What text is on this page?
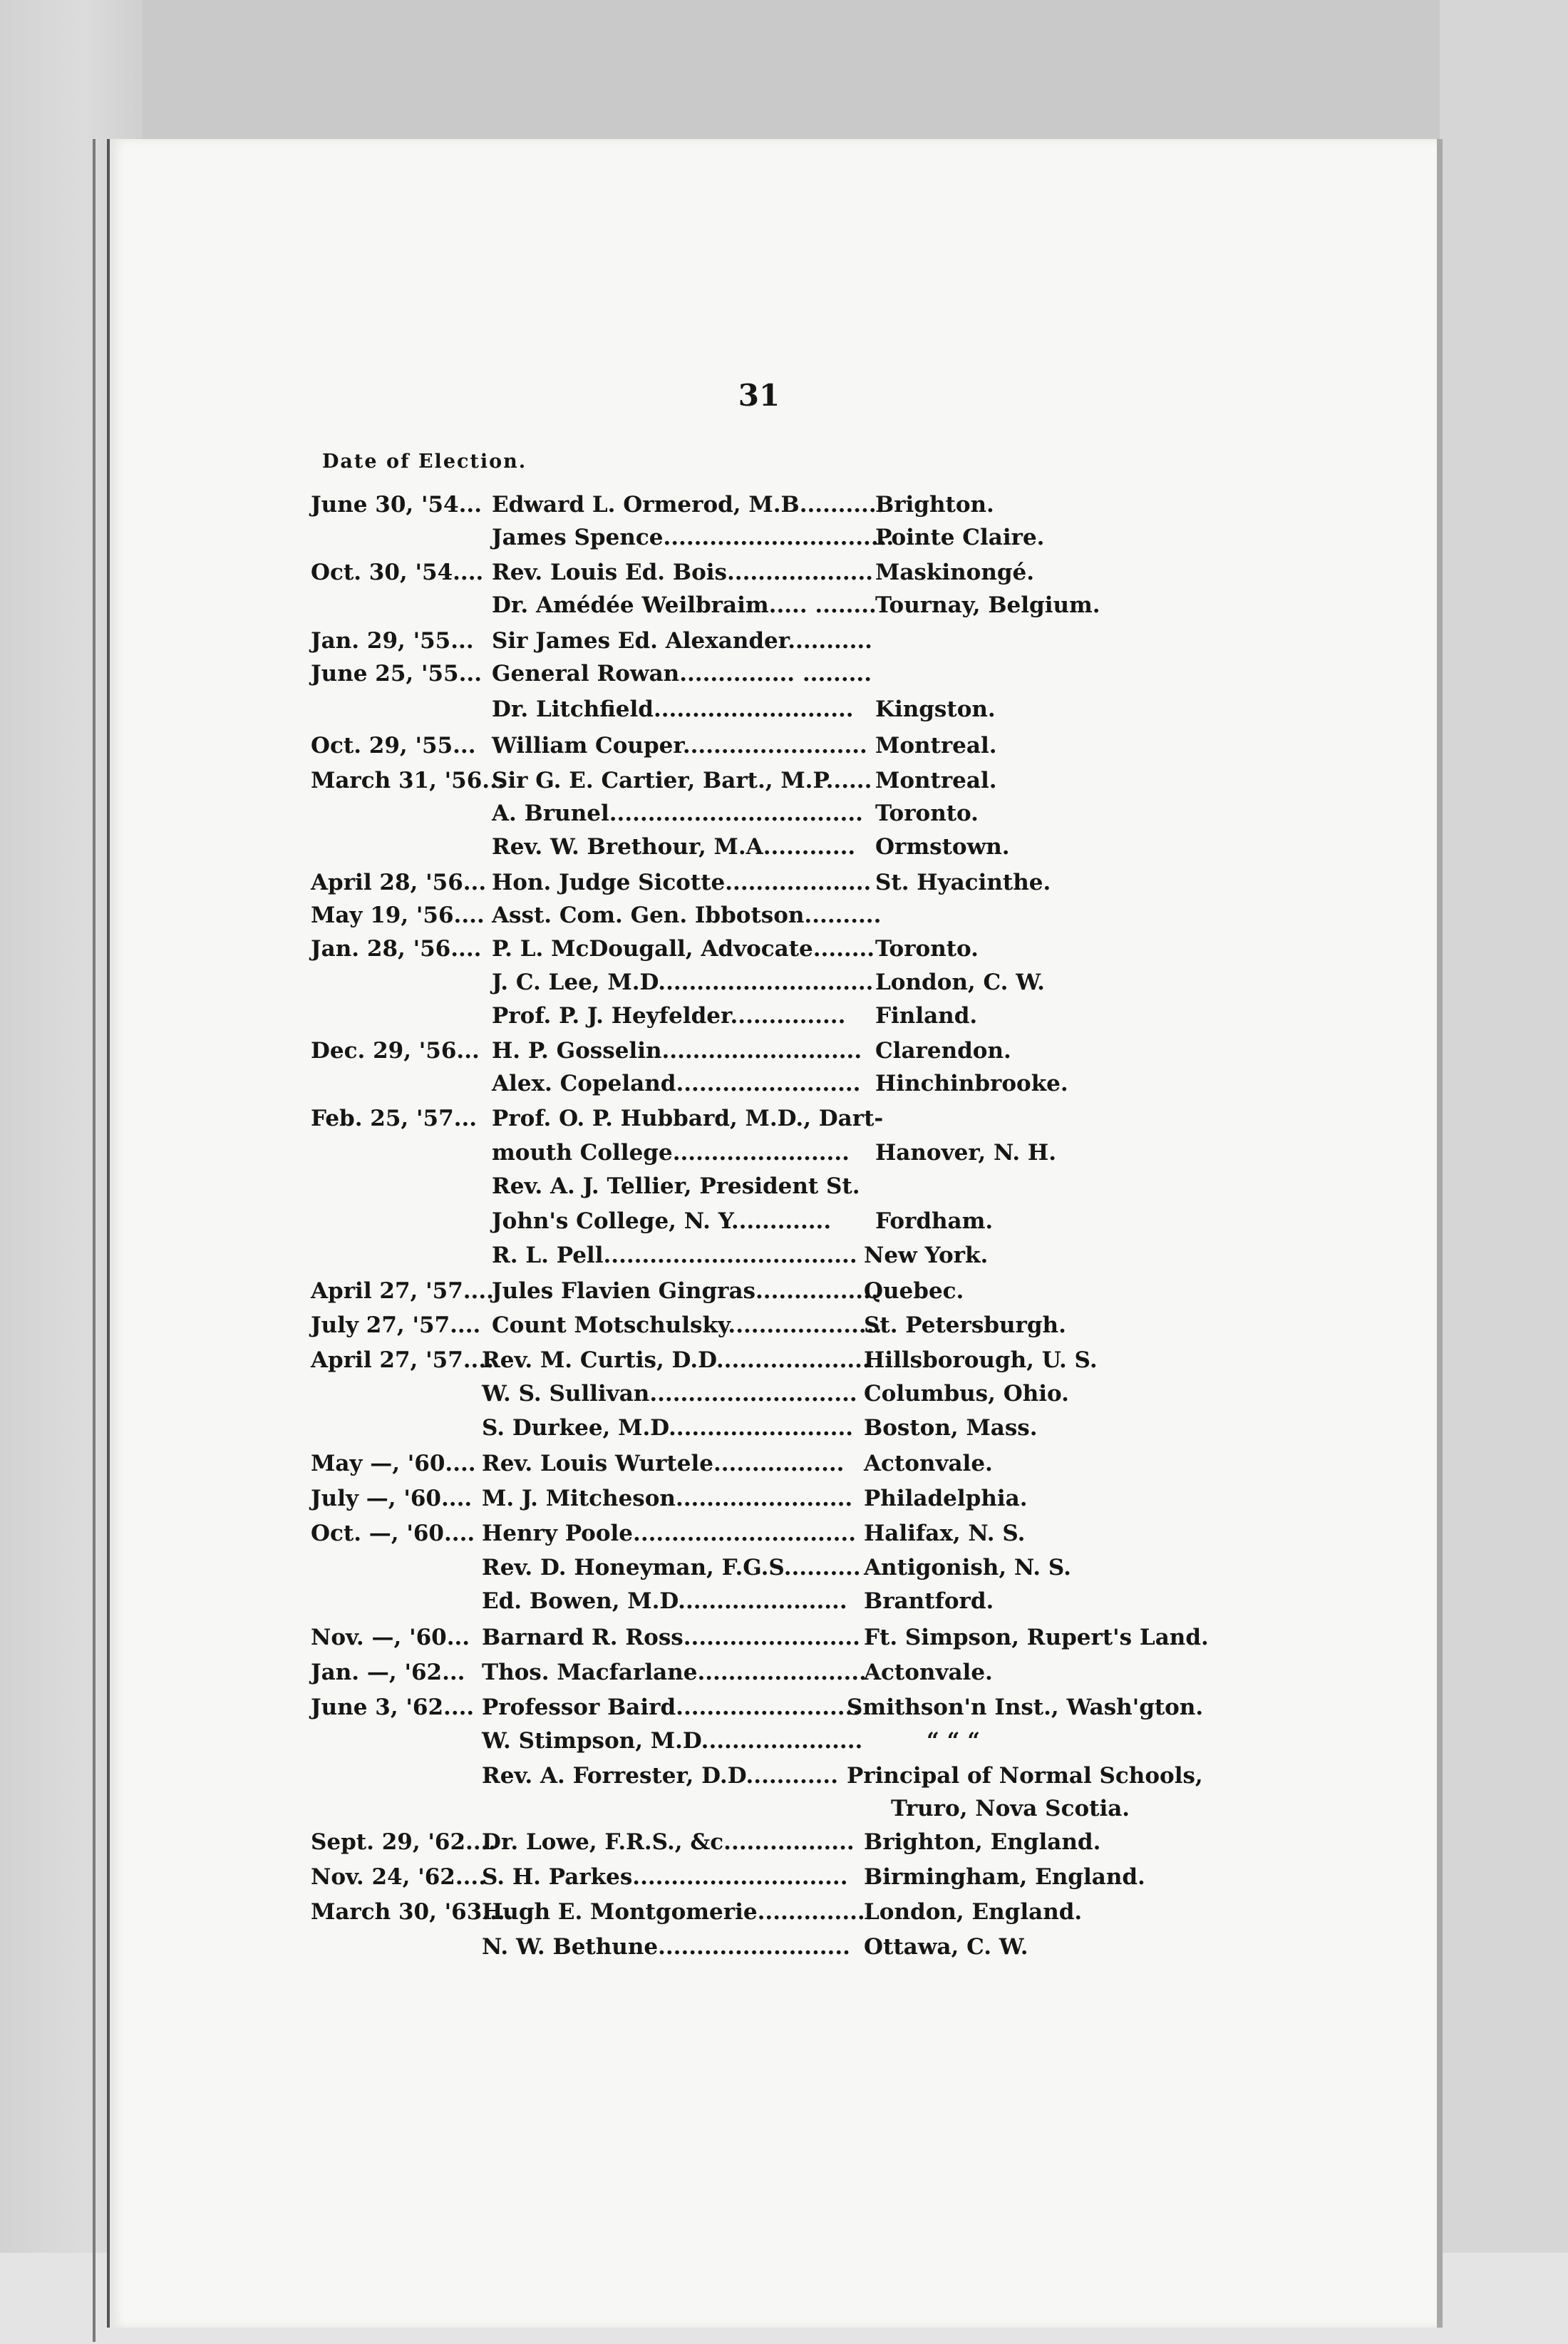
31
Date of Election.
June 30, '54... Edward L. Ormerod, M.B...........
Brighton.
James Spence..............................
Pointe Claire.
Oct. 30, '54.... Rev. Louis Ed. Bois................... Maskinongé.
Dr. Amédée Weilbraim..... ........
Tournay, Belgium.
Jan. 29, '55... Sir James Ed. Alexander...........
June 25, '55... General Rowan............... .........
Dr. Litchfield.......................... Kingston.
Oct. 29, '55... William Couper........................ Montreal.
March 31, '56...
Sir G. E. Cartier, Bart., M.P...... Montreal.
A. Brunel................................. Toronto.
Rev. W. Brethour, M.A............ Ormstown.
April 28, '56... Hon. Judge Sicotte................... St. Hyacinthe.
May 19, '56.... Asst. Com. Gen. Ibbotson..........
Jan. 28, '56.... P. L. McDougall, Advocate........ Toronto.
J. C. Lee, M.D............................ London, C. W.
Prof. P. J. Heyfelder............... Finland.
Dec. 29, '56... H. P. Gosselin.......................... Clarendon.
Alex. Copeland........................ Hinchinbrooke.
Feb. 25, '57... Prof. O. P. Hubbard, M.D., Dart-
mouth College....................... Hanover, N. H.
Rev. A. J. Tellier, President St.
John's College, N. Y............. Fordham.
R. L. Pell................................. New York.
April 27, '57....
Jules Flavien Gingras................
Quebec.
July 27, '57.... Count Motschulsky....................
St. Petersburgh.
April 27, '57....
Rev. M. Curtis, D.D....................
Hillsborough, U. S.
W. S. Sullivan........................... Columbus, Ohio.
S. Durkee, M.D........................ Boston, Mass.
May —, '60.... Rev. Louis Wurtele................. Actonvale.
July —, '60.... M. J. Mitcheson....................... Philadelphia.
Oct. —, '60.... Henry Poole............................. Halifax, N. S.
Rev. D. Honeyman, F.G.S.......... Antigonish, N. S.
Ed. Bowen, M.D...................... Brantford.
Nov. —, '60... Barnard R. Ross....................... Ft. Simpson, Rupert's Land.
Jan. —, '62... Thos. Macfarlane......................
Actonvale.
June 3, '62.... Professor Baird........................
Smithson'n Inst., Wash'gton.
W. Stimpson, M.D.....................	“ “ “
Rev. A. Forrester, D.D............ Principal of Normal Schools,
Truro, Nova Scotia.
Sept. 29, '62....
Dr. Lowe, F.R.S., &c................. Brighton, England.
Nov. 24, '62....
S. H. Parkes............................ Birmingham, England.
March 30, '63....
Hugh E. Montgomerie...............
London, England.
N. W. Bethune......................... Ottawa, C. W.
